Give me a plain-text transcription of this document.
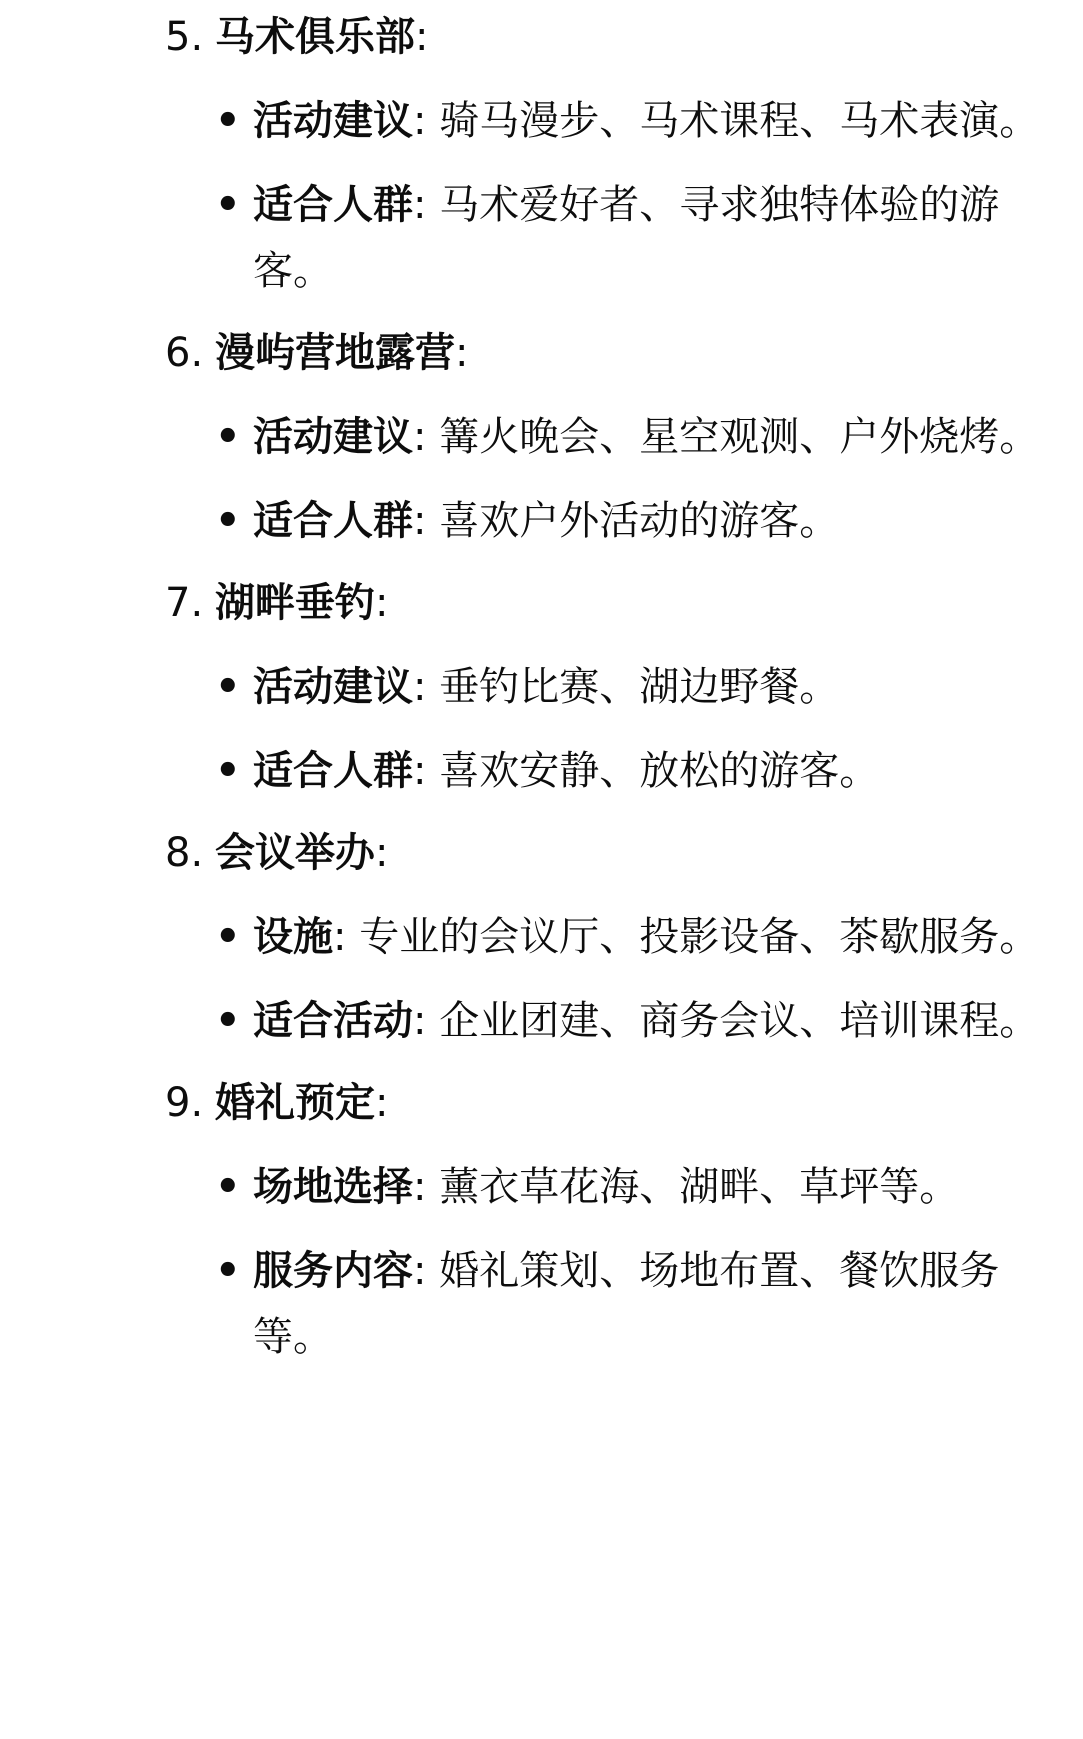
5. 马术俱乐部 :
• 活动建议: 骑马漫步、马术课程、马术表演。
• 适合人群: 马术爱好者、寻求独特体验的游客。
6. 漫屿营地露营 :
• 活动建议: 篝火晚会、星空观测、户外烧烤。
• 适合人群: 喜欢户外活动的游客。
7. 湖畔垂钓 :
• 活动建议: 垂钓比赛、湖边野餐。
• 适合人群: 喜欢安静、放松的游客。
8. 会议举办 :
• 设施: 专业的会议厅、投影设备、茶歇服务。
• 适合活动: 企业团建、商务会议、培训课程。
9. 婚礼预定 :
• 场地选择: 薰衣草花海、湖畔、草坪等。
• 服务内容: 婚礼策划、场地布置、餐饮服务等。
